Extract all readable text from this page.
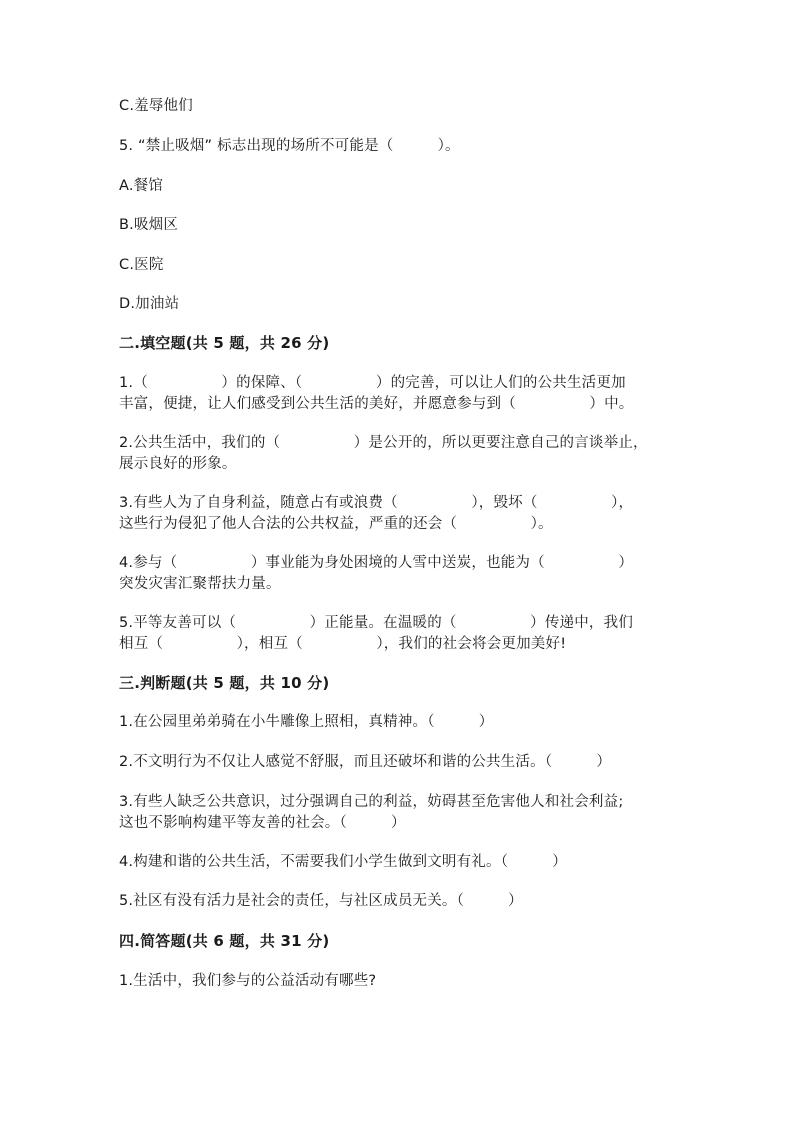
C.羞辱他们
5. “禁止吸烟” 标志出现的场所不可能是（　　　）。
A.餐馆
B.吸烟区
C.医院
D.加油站
二.填空题(共 5 题，共 26 分)
1.（　　　　　）的保障、（　　　　　）的完善，可以让人们的公共生活更加
丰富，便捷，让人们感受到公共生活的美好，并愿意参与到（　　　　　）中。
2.公共生活中，我们的（　　　　　）是公开的，所以更要注意自己的言谈举止，
展示良好的形象。
3.有些人为了自身利益，随意占有或浪费（　　　　　），毁坏（　　　　　），
这些行为侵犯了他人合法的公共权益，严重的还会（　　　　　）。
4.参与（　　　　　）事业能为身处困境的人雪中送炭，也能为（　　　　　）
突发灾害汇聚帮扶力量。
5.平等友善可以（　　　　　）正能量。在温暖的（　　　　　）传递中，我们
相互（　　　　　），相互（　　　　　），我们的社会将会更加美好!
三.判断题(共 5 题，共 10 分)
1.在公园里弟弟骑在小牛雕像上照相，真精神。（　　　）
2.不文明行为不仅让人感觉不舒服，而且还破坏和谐的公共生活。（　　　）
3.有些人缺乏公共意识，过分强调自己的利益，妨碍甚至危害他人和社会利益;
这也不影响构建平等友善的社会。（　　　）
4.构建和谐的公共生活，不需要我们小学生做到文明有礼。（　　　）
5.社区有没有活力是社会的责任，与社区成员无关。（　　　）
四.简答题(共 6 题，共 31 分)
1.生活中，我们参与的公益活动有哪些?
